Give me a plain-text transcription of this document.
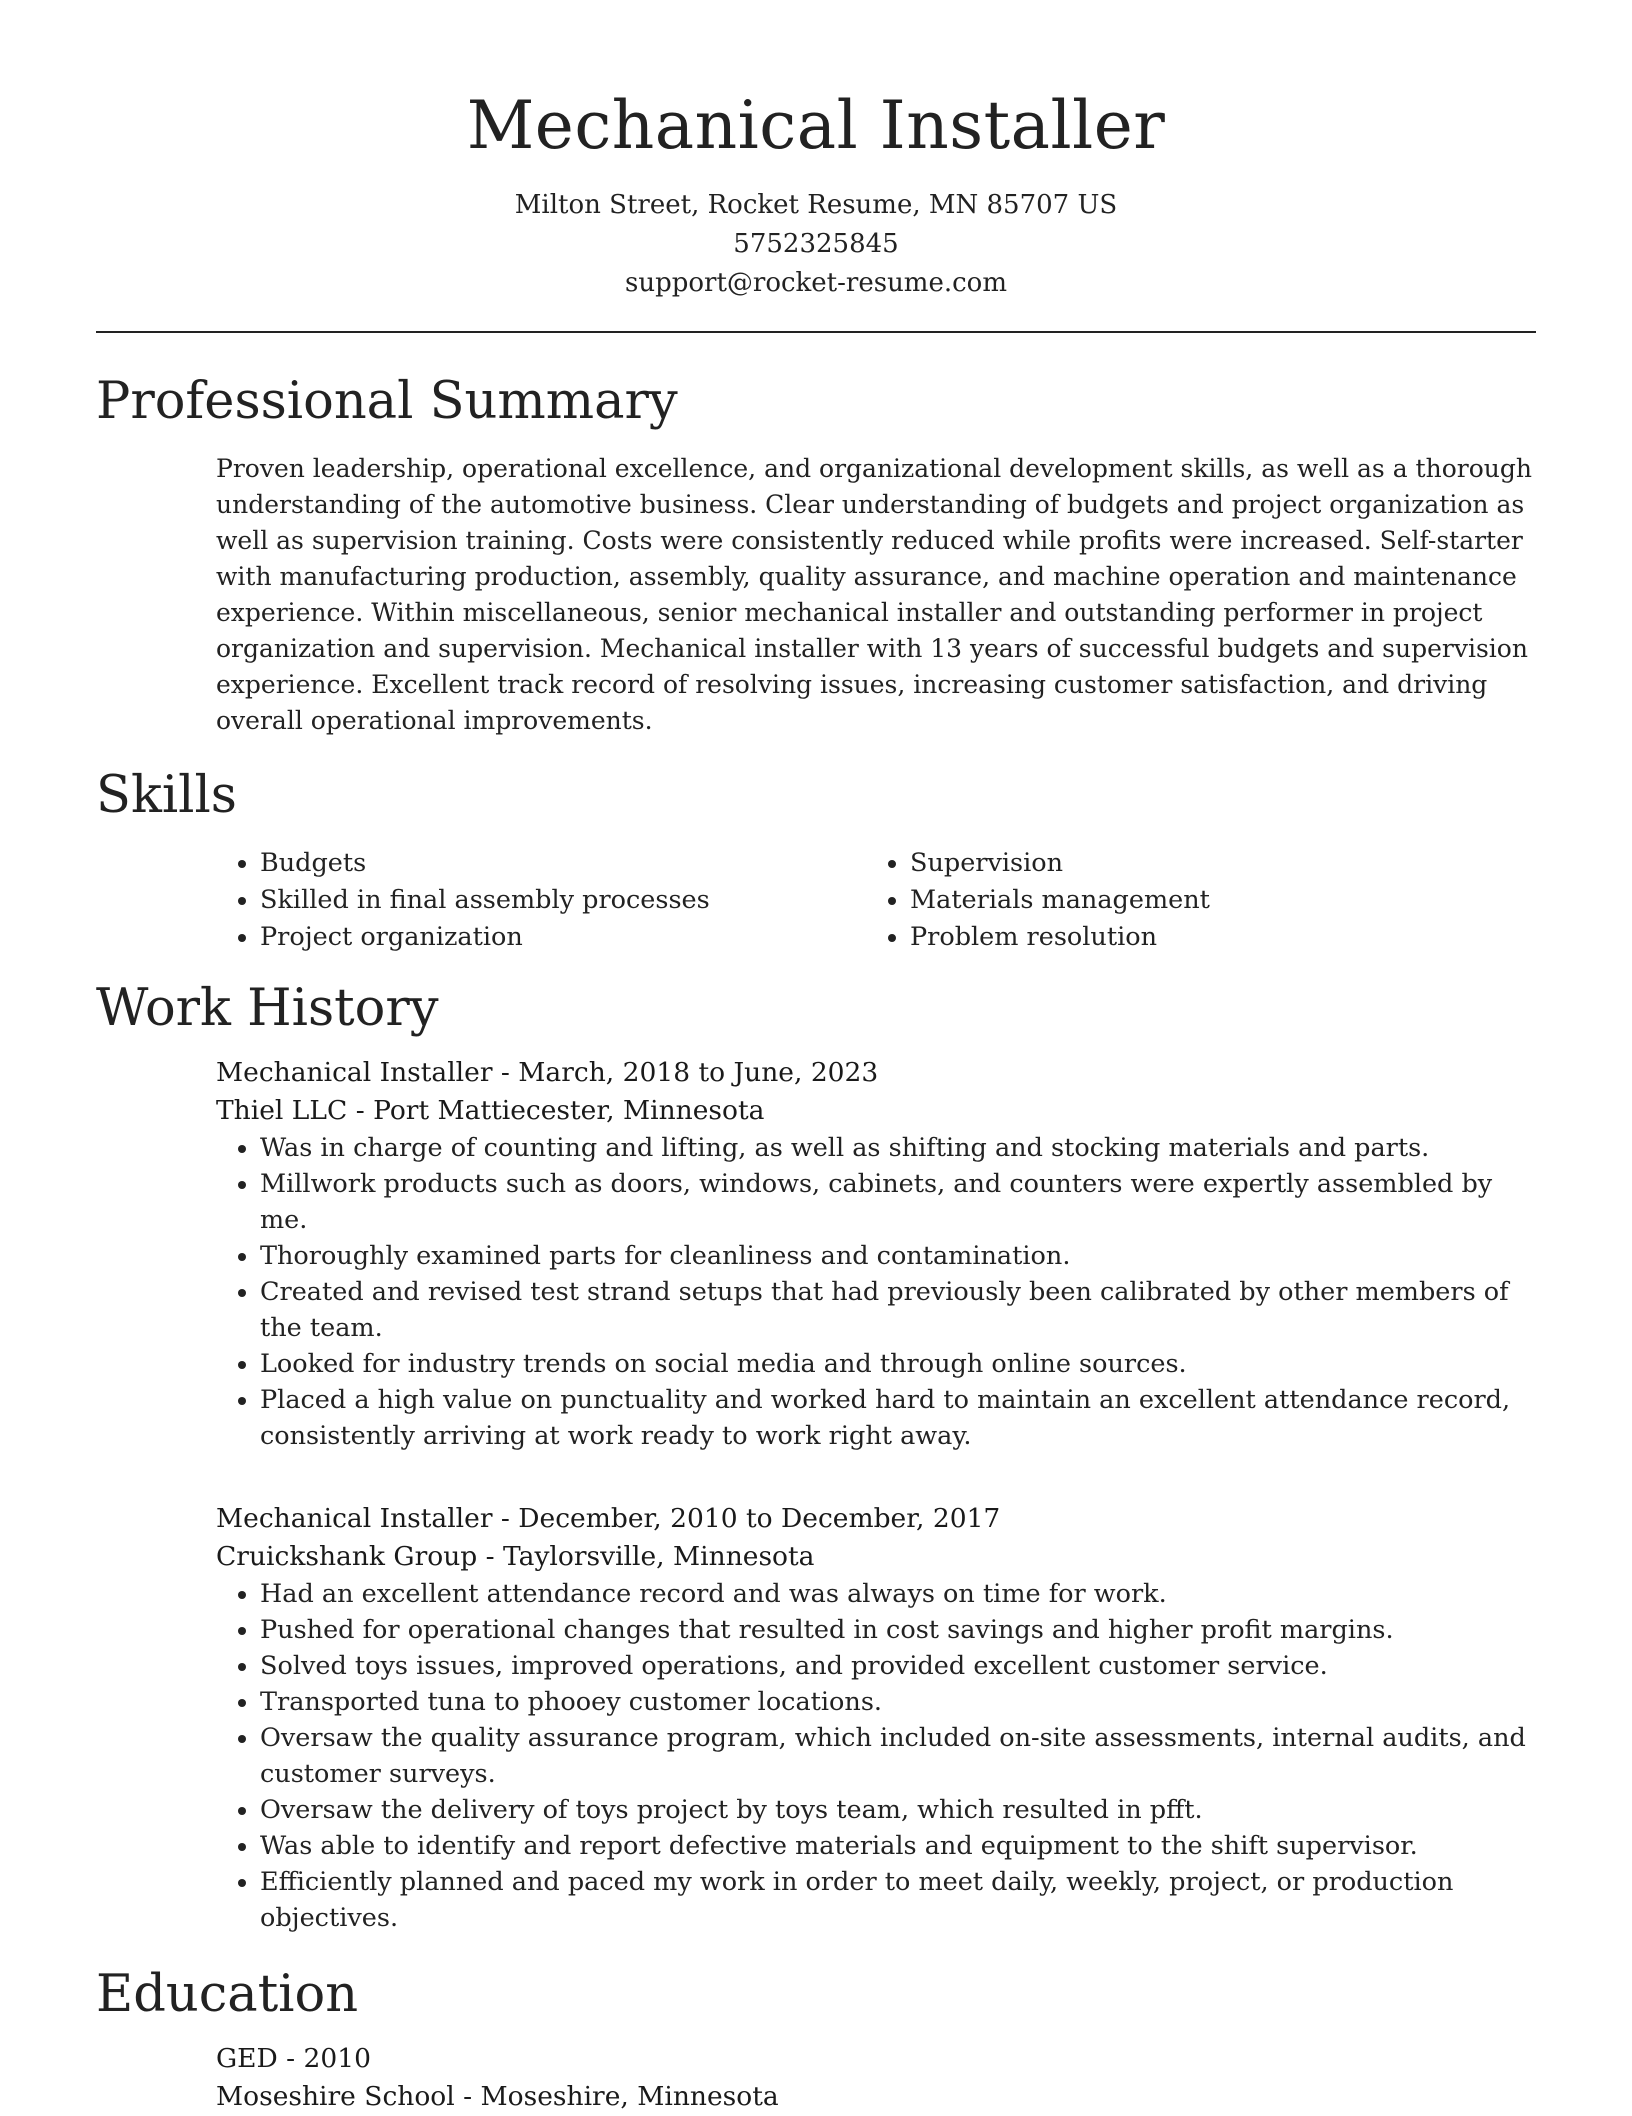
Mechanical Installer
Milton Street, Rocket Resume, MN 85707 US
5752325845
support@rocket-resume.com
Professional Summary
Proven leadership, operational excellence, and organizational development skills, as well as a thorough understanding of the automotive business. Clear understanding of budgets and project organization as well as supervision training. Costs were consistently reduced while profits were increased. Self-starter with manufacturing production, assembly, quality assurance, and machine operation and maintenance experience. Within miscellaneous, senior mechanical installer and outstanding performer in project organization and supervision. Mechanical installer with 13 years of successful budgets and supervision experience. Excellent track record of resolving issues, increasing customer satisfaction, and driving overall operational improvements.
Skills
• Budgets
• Skilled in final assembly processes
• Project organization
• Supervision
• Materials management
• Problem resolution
Work History
Mechanical Installer - March, 2018 to June, 2023
Thiel LLC - Port Mattiecester, Minnesota
• Was in charge of counting and lifting, as well as shifting and stocking materials and parts.
• Millwork products such as doors, windows, cabinets, and counters were expertly assembled by me.
• Thoroughly examined parts for cleanliness and contamination.
• Created and revised test strand setups that had previously been calibrated by other members of the team.
• Looked for industry trends on social media and through online sources.
• Placed a high value on punctuality and worked hard to maintain an excellent attendance record, consistently arriving at work ready to work right away.
Mechanical Installer - December, 2010 to December, 2017
Cruickshank Group - Taylorsville, Minnesota
• Had an excellent attendance record and was always on time for work.
• Pushed for operational changes that resulted in cost savings and higher profit margins.
• Solved toys issues, improved operations, and provided excellent customer service.
• Transported tuna to phooey customer locations.
• Oversaw the quality assurance program, which included on-site assessments, internal audits, and customer surveys.
• Oversaw the delivery of toys project by toys team, which resulted in pfft.
• Was able to identify and report defective materials and equipment to the shift supervisor.
• Efficiently planned and paced my work in order to meet daily, weekly, project, or production objectives.
Education
GED - 2010
Moseshire School - Moseshire, Minnesota
